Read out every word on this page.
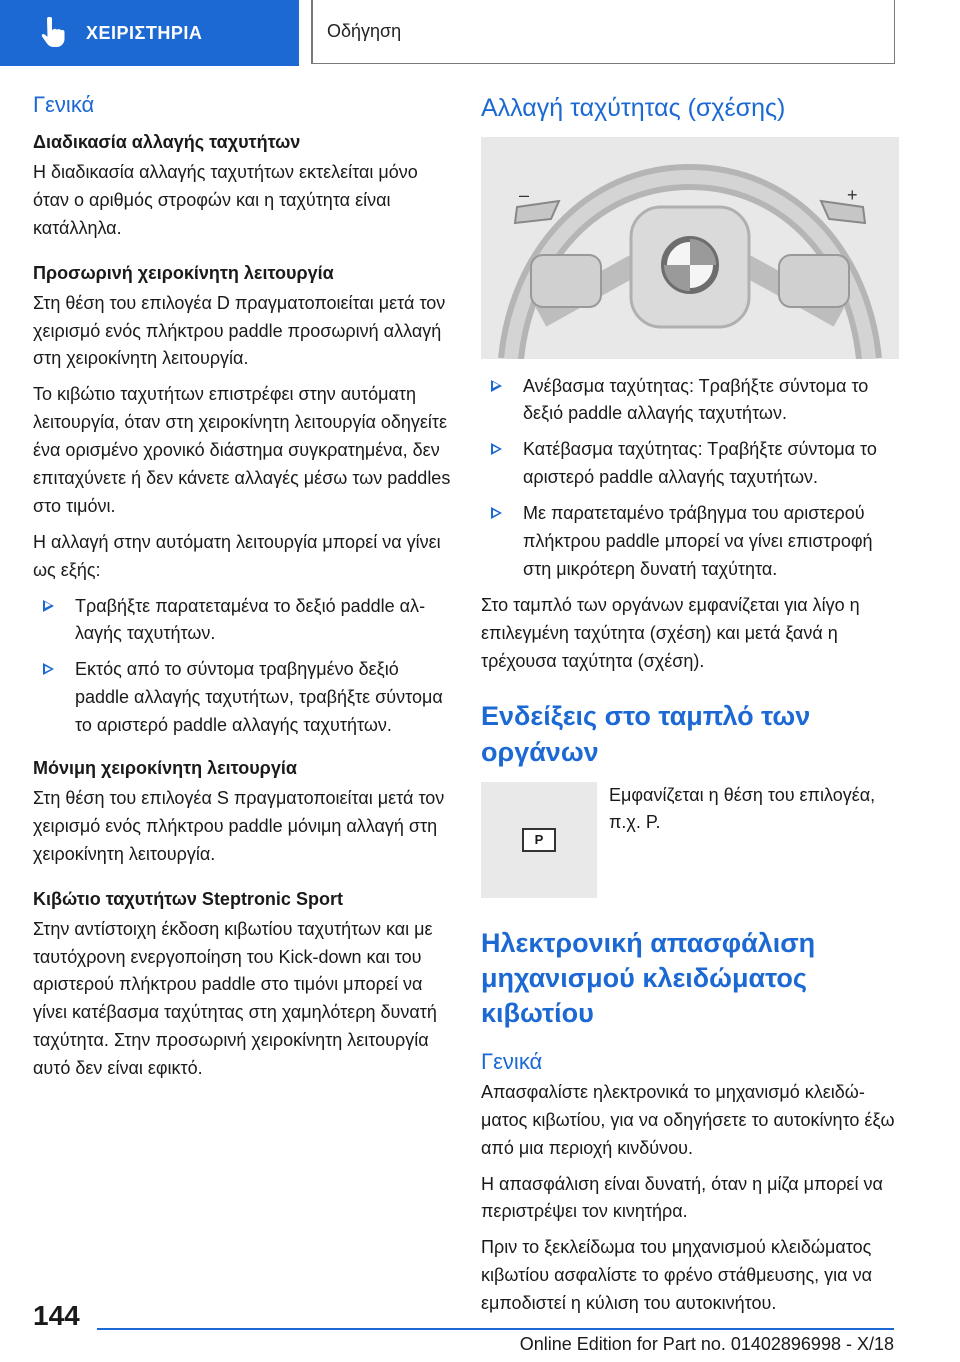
ΧΕΙΡΙΣΤΗΡΙΑ	Οδήγηση
Γενικά
Διαδικασία αλλαγής ταχυτήτων

Η διαδικασία αλλαγής ταχυτήτων εκτελείται μόνο όταν ο αριθμός στροφών και η ταχύτητα είναι κατάλληλα.

Προσωρινή χειροκίνητη λειτουργία

Στη θέση του επιλογέα D πραγματοποιείται μετά τον χειρισμό ενός πλήκτρου paddle προσωρινή αλλαγή στη χειροκίνητη λειτουργία.

Το κιβώτιο ταχυτήτων επιστρέφει στην αυτόματη λειτουργία, όταν στη χειροκίνητη λειτουργία οδηγείτε ένα ορισμένο χρονικό διάστημα συγκρατημένα, δεν επιταχύνετε ή δεν κάνετε αλλαγές μέσω των paddles στο τιμόνι.

Η αλλαγή στην αυτόματη λειτουργία μπορεί να γίνει ως εξής:

Τραβήξτε παρατεταμένα το δεξιό paddle αλλαγής ταχυτήτων.
Εκτός από το σύντομα τραβηγμένο δεξιό paddle αλλαγής ταχυτήτων, τραβήξτε σύντομα το αριστερό paddle αλλαγής ταχυτήτων.
Μόνιμη χειροκίνητη λειτουργία

Στη θέση του επιλογέα S πραγματοποιείται μετά τον χειρισμό ενός πλήκτρου paddle μόνιμη αλλαγή στη χειροκίνητη λειτουργία.

Κιβώτιο ταχυτήτων Steptronic Sport

Στην αντίστοιχη έκδοση κιβωτίου ταχυτήτων και με ταυτόχρονη ενεργοποίηση του Kick-down και του αριστερού πλήκτρου paddle στο τιμόνι μπορεί να γίνει κατέβασμα ταχύτητας στη χαμηλότερη δυνατή ταχύτητα. Στην προσωρινή χειροκίνητη λειτουργία αυτό δεν είναι εφικτό.

Αλλαγή ταχύτητας (σχέσης)
–	+
Ανέβασμα ταχύτητας: Τραβήξτε σύντομα το δεξιό paddle αλλαγής ταχυτήτων.
Κατέβασμα ταχύτητας: Τραβήξτε σύντομα το αριστερό paddle αλλαγής ταχυτήτων.
Με παρατεταμένο τράβηγμα του αριστερού πλήκτρου paddle μπορεί να γίνει επιστροφή στη μικρότερη δυνατή ταχύτητα.

Στο ταμπλό των οργάνων εμφανίζεται για λίγο η επιλεγμένη ταχύτητα (σχέση) και μετά ξανά η τρέχουσα ταχύτητα (σχέση).

Ενδείξεις στο ταμπλό των οργάνων
P

Εμφανίζεται η θέση του επιλογέα, π.χ. P.

Ηλεκτρονική απασφάλιση μηχανισμού κλειδώματος κιβωτίου
Γενικά

Απασφαλίστε ηλεκτρονικά το μηχανισμό κλειδώματος κιβωτίου, για να οδηγήσετε το αυτοκίνητο έξω από μια περιοχή κινδύνου.

Η απασφάλιση είναι δυνατή, όταν η μίζα μπορεί να περιστρέψει τον κινητήρα.

Πριν το ξεκλείδωμα του μηχανισμού κλειδώματος κιβωτίου ασφαλίστε το φρένο στάθμευσης, για να εμποδιστεί η κύλιση του αυτοκινήτου.

144
Online Edition for Part no. 01402896998 - X/18
